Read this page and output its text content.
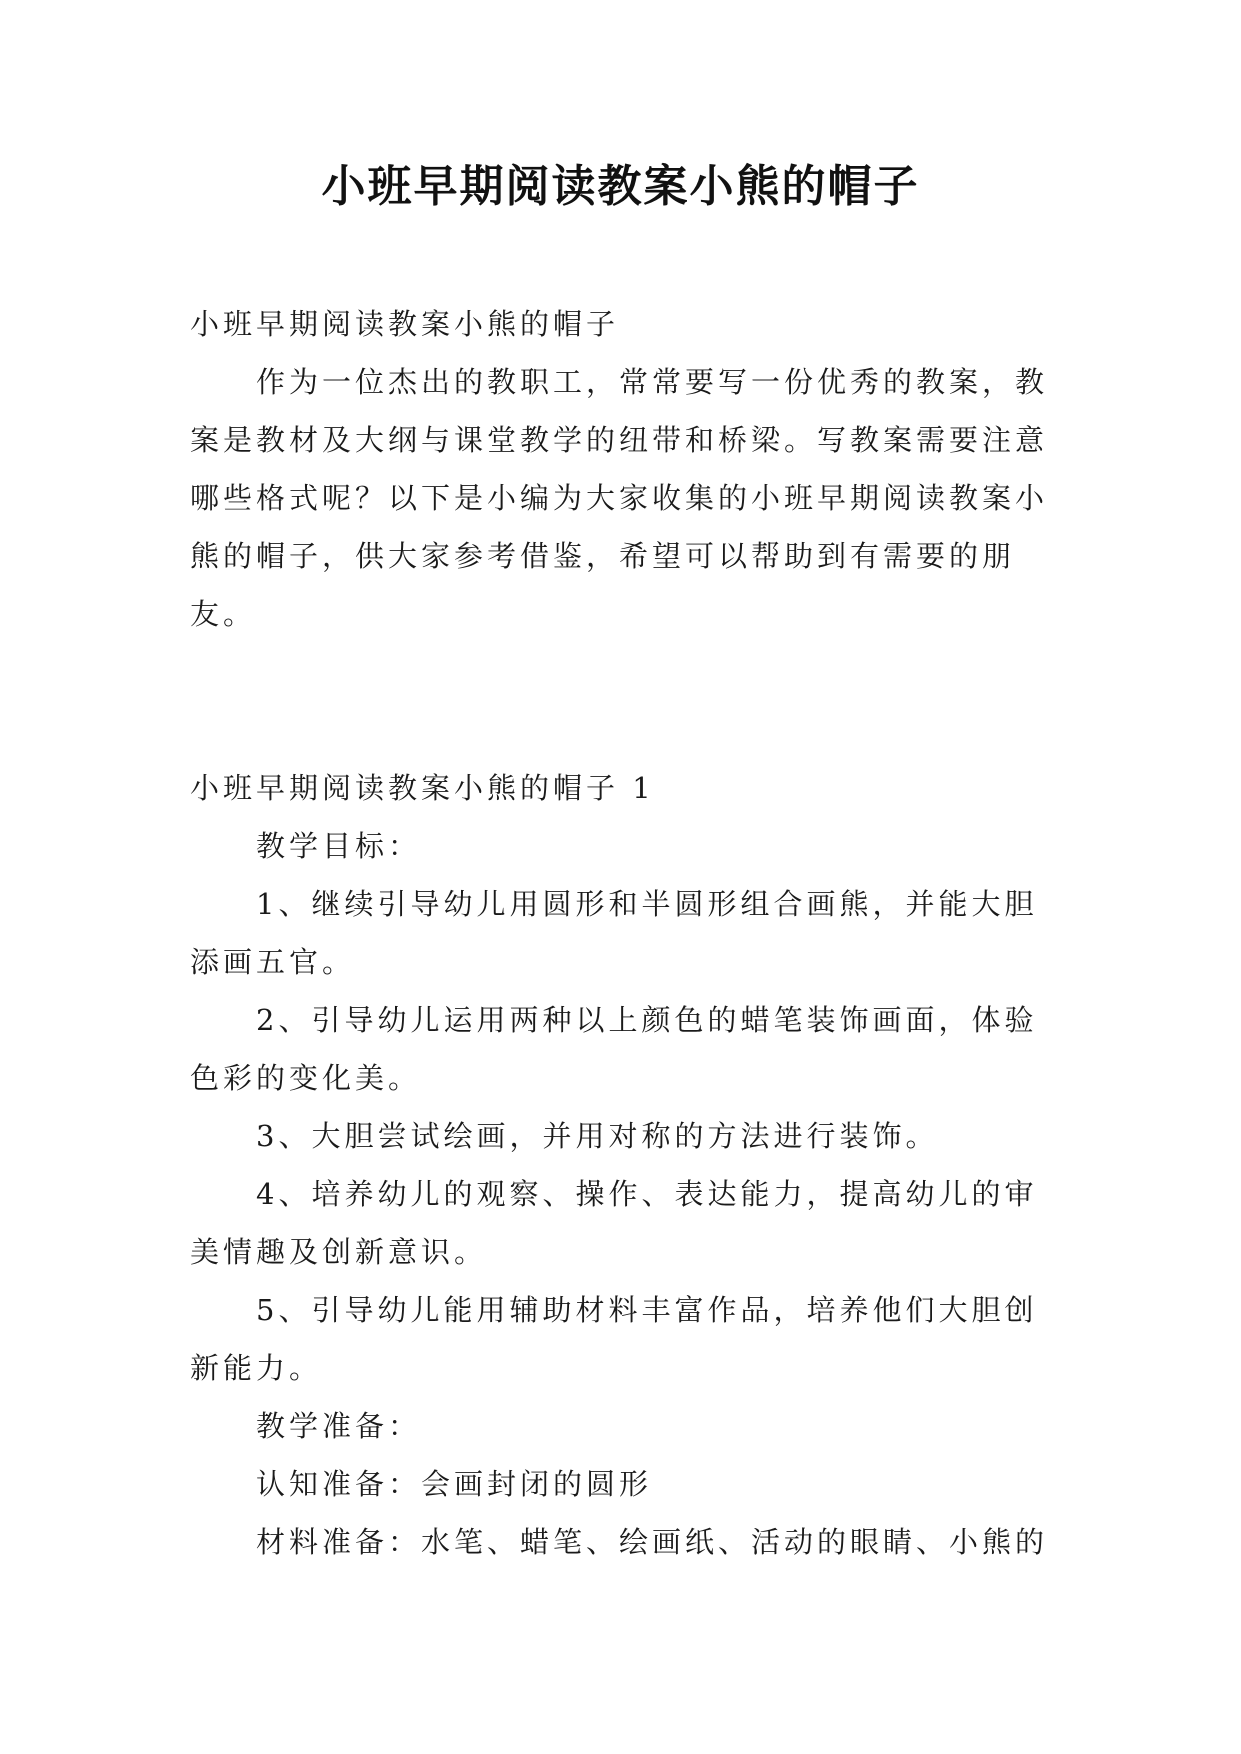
小班早期阅读教案小熊的帽子

小班早期阅读教案小熊的帽子

作为一位杰出的教职工，常常要写一份优秀的教案，教案是教材及大纲与课堂教学的纽带和桥梁。写教案需要注意哪些格式呢？以下是小编为大家收集的小班早期阅读教案小熊的帽子，供大家参考借鉴，希望可以帮助到有需要的朋友。

小班早期阅读教案小熊的帽子 1

教学目标：

1、继续引导幼儿用圆形和半圆形组合画熊，并能大胆添画五官。

2、引导幼儿运用两种以上颜色的蜡笔装饰画面，体验色彩的变化美。

3、大胆尝试绘画，并用对称的方法进行装饰。

4、培养幼儿的观察、操作、表达能力，提高幼儿的审美情趣及创新意识。

5、引导幼儿能用辅助材料丰富作品，培养他们大胆创新能力。

教学准备：

认知准备：会画封闭的圆形

材料准备：水笔、蜡笔、绘画纸、活动的眼睛、小熊的
